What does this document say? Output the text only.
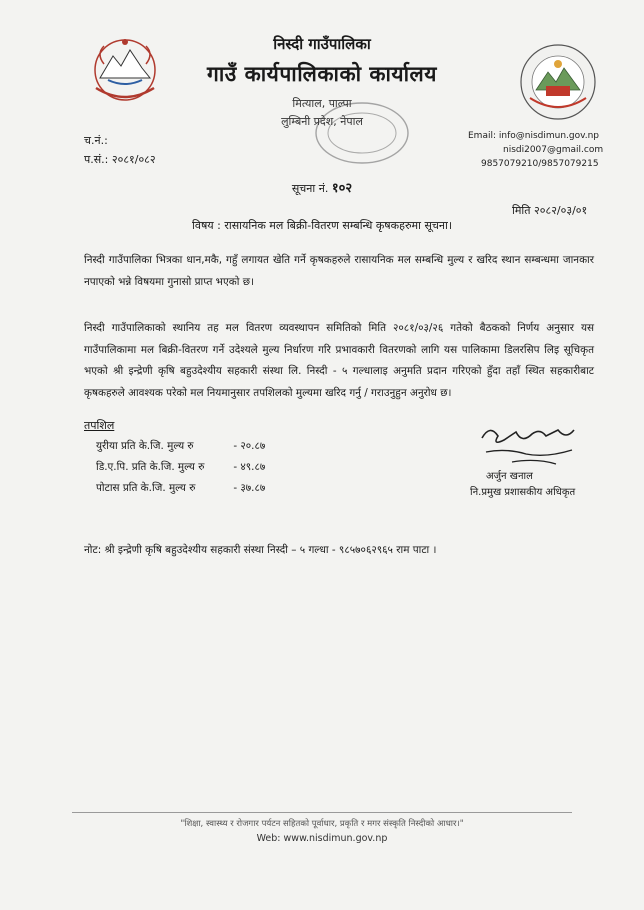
निस्दी गाउँपालिका
गाउँ कार्यपालिकाको कार्यालय
मित्याल, पाल्पा
लुम्बिनी प्रदेश, नेपाल
च.नं.:
प.सं.: २०८१/०८२
Email: info@nisdimun.gov.np
nisdi2007@gmail.com
9857079210/9857079215
सूचना नं. १०२
मिति २०८२/०३/०१
विषय : रासायनिक मल बिक्री-वितरण सम्बन्धि कृषकहरुमा सूचना।
निस्दी गाउँपालिका भित्रका धान,मकै, गहुँ लगायत खेति गर्ने कृषकहरुले रासायनिक मल सम्बन्धि मुल्य र खरिद स्थान सम्बन्धमा जानकार नपाएको भन्ने विषयमा गुनासो प्राप्त भएको छ।
निस्दी गाउँपालिकाको स्थानिय तह मल वितरण व्यवस्थापन समितिको मिति २०८१/०३/२६ गतेको बैठकको निर्णय अनुसार यस गाउँपालिकामा मल बिक्री-वितरण गर्ने उदेश्यले मुल्य निर्धारण गरि प्रभावकारी वितरणको लागि यस पालिकामा डिलरसिप लिइ सूचिकृत भएको श्री इन्द्रेणी कृषि बहुउदेश्यीय सहकारी संस्था लि. निस्दी - ५ गल्धालाइ अनुमति प्रदान गरिएको हुँदा तहाँ स्थित सहकारीबाट कृषकहरुले आवश्यक परेको मल नियमानुसार तपशिलको मुल्यमा खरिद गर्नु / गराउनुहुन अनुरोध छ।
तपशिल
युरीया प्रति के.जि. मुल्य रु	- २०.८७
डि.ए.पि. प्रति के.जि. मुल्य रु	- ४९.८७
पोटास प्रति के.जि. मुल्य रु	- ३७.८७
अर्जुन खनाल
नि.प्रमुख प्रशासकीय अधिकृत
नोट: श्री इन्द्रेणी कृषि बहुउदेश्यीय सहकारी संस्था निस्दी – ५ गल्धा - ९८५७०६२९६५ राम पाटा ।
"शिक्षा, स्वास्थ्य र रोजगार पर्यटन सहितको पूर्वाधार, प्रकृति र मगर संस्कृति निस्दीको आधार।"
Web: www.nisdimun.gov.np
